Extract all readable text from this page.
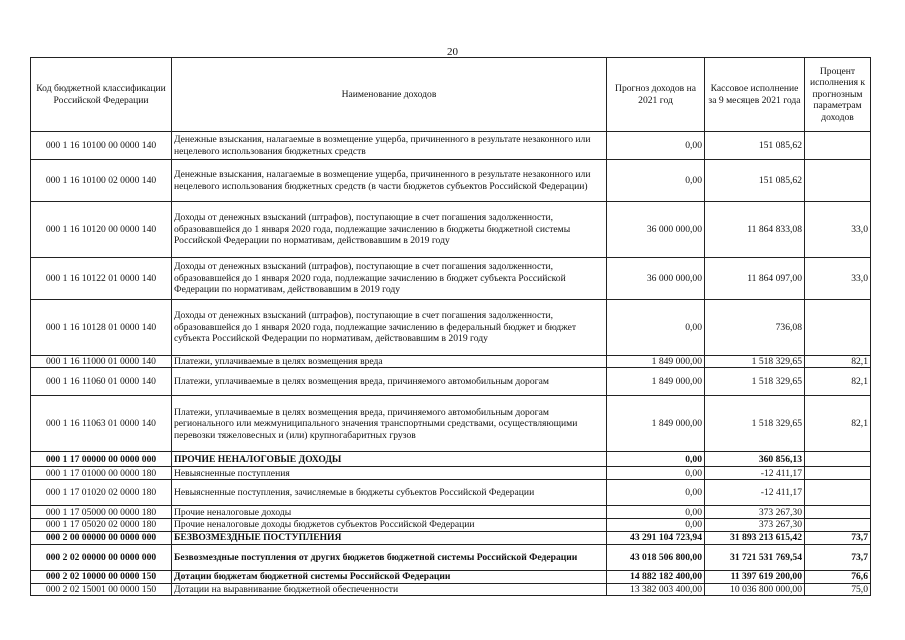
20
Код бюджетной классификации Российской Федерации	Наименование доходов	Прогноз доходов на 2021 год	Кассовое исполнение за 9 месяцев 2021 года	Процент исполнения к прогнозным параметрам доходов
000 1 16 10100 00 0000 140	Денежные взыскания, налагаемые в возмещение ущерба, причиненного в результате незаконного или нецелевого использования бюджетных средств	0,00	151 085,62	
000 1 16 10100 02 0000 140	Денежные взыскания, налагаемые в возмещение ущерба, причиненного в результате незаконного или нецелевого использования бюджетных средств (в части бюджетов субъектов Российской Федерации)	0,00	151 085,62	
000 1 16 10120 00 0000 140	Доходы от денежных взысканий (штрафов), поступающие в счет погашения задолженности, образовавшейся до 1 января 2020 года, подлежащие зачислению в бюджеты бюджетной системы Российской Федерации по нормативам, действовавшим в 2019 году	36 000 000,00	11 864 833,08	33,0
000 1 16 10122 01 0000 140	Доходы от денежных взысканий (штрафов), поступающие в счет погашения задолженности, образовавшейся до 1 января 2020 года, подлежащие зачислению в бюджет субъекта Российской Федерации по нормативам, действовавшим в 2019 году	36 000 000,00	11 864 097,00	33,0
000 1 16 10128 01 0000 140	Доходы от денежных взысканий (штрафов), поступающие в счет погашения задолженности, образовавшейся до 1 января 2020 года, подлежащие зачислению в федеральный бюджет и бюджет субъекта Российской Федерации по нормативам, действовавшим в 2019 году	0,00	736,08	
000 1 16 11000 01 0000 140	Платежи, уплачиваемые в целях возмещения вреда	1 849 000,00	1 518 329,65	82,1
000 1 16 11060 01 0000 140	Платежи, уплачиваемые в целях возмещения вреда, причиняемого автомобильным дорогам	1 849 000,00	1 518 329,65	82,1
000 1 16 11063 01 0000 140	Платежи, уплачиваемые в целях возмещения вреда, причиняемого автомобильным дорогам регионального или межмуниципального значения транспортными средствами, осуществляющими перевозки тяжеловесных и (или) крупногабаритных грузов	1 849 000,00	1 518 329,65	82,1
000 1 17 00000 00 0000 000	ПРОЧИЕ НЕНАЛОГОВЫЕ ДОХОДЫ	0,00	360 856,13	
000 1 17 01000 00 0000 180	Невыясненные поступления	0,00	-12 411,17	
000 1 17 01020 02 0000 180	Невыясненные поступления, зачисляемые в бюджеты субъектов Российской Федерации	0,00	-12 411,17	
000 1 17 05000 00 0000 180	Прочие неналоговые доходы	0,00	373 267,30	
000 1 17 05020 02 0000 180	Прочие неналоговые доходы бюджетов субъектов Российской Федерации	0,00	373 267,30	
000 2 00 00000 00 0000 000	БЕЗВОЗМЕЗДНЫЕ ПОСТУПЛЕНИЯ	43 291 104 723,94	31 893 213 615,42	73,7
000 2 02 00000 00 0000 000	Безвозмездные поступления от других бюджетов бюджетной системы Российской Федерации	43 018 506 800,00	31 721 531 769,54	73,7
000 2 02 10000 00 0000 150	Дотации бюджетам бюджетной системы Российской Федерации	14 882 182 400,00	11 397 619 200,00	76,6
000 2 02 15001 00 0000 150	Дотации на выравнивание бюджетной обеспеченности	13 382 003 400,00	10 036 800 000,00	75,0
